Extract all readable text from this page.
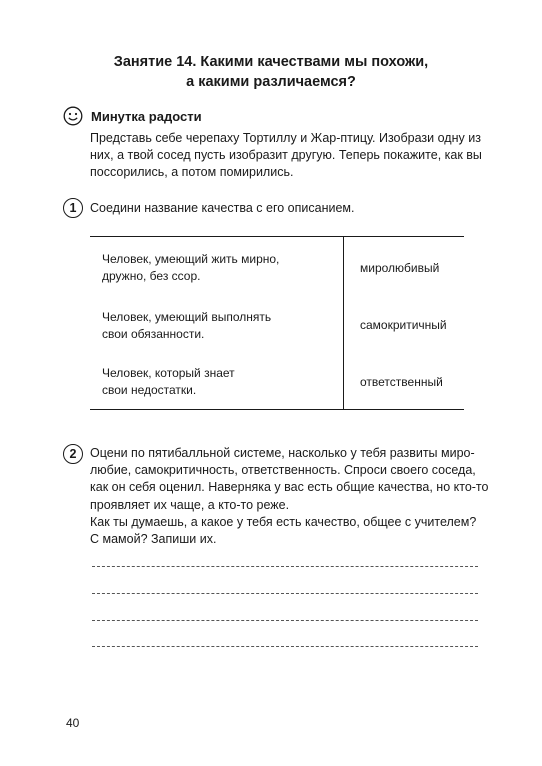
Занятие 14. Какими качествами мы похожи,
а какими различаемся?
Минутка радости
Представь себе черепаху Тортиллу и Жар-птицу. Изобрази одну из
них, а твой сосед пусть изобразит другую. Теперь покажите, как вы
поссорились, а потом помирились.
1	Соедини название качества с его описанием.
Человек, умеющий жить мирно,
дружно, без ссор.
миролюбивый
Человек, умеющий выполнять
свои обязанности.
самокритичный
Человек, который знает
свои недостатки.
ответственный
2	Оцени по пятибалльной системе, насколько у тебя развиты миро-
любие, самокритичность, ответственность. Спроси своего соседа,
как он себя оценил. Наверняка у вас есть общие качества, но кто-то
проявляет их чаще, а кто-то реже.
Как ты думаешь, а какое у тебя есть качество, общее с учителем?
С мамой? Запиши их.
40
